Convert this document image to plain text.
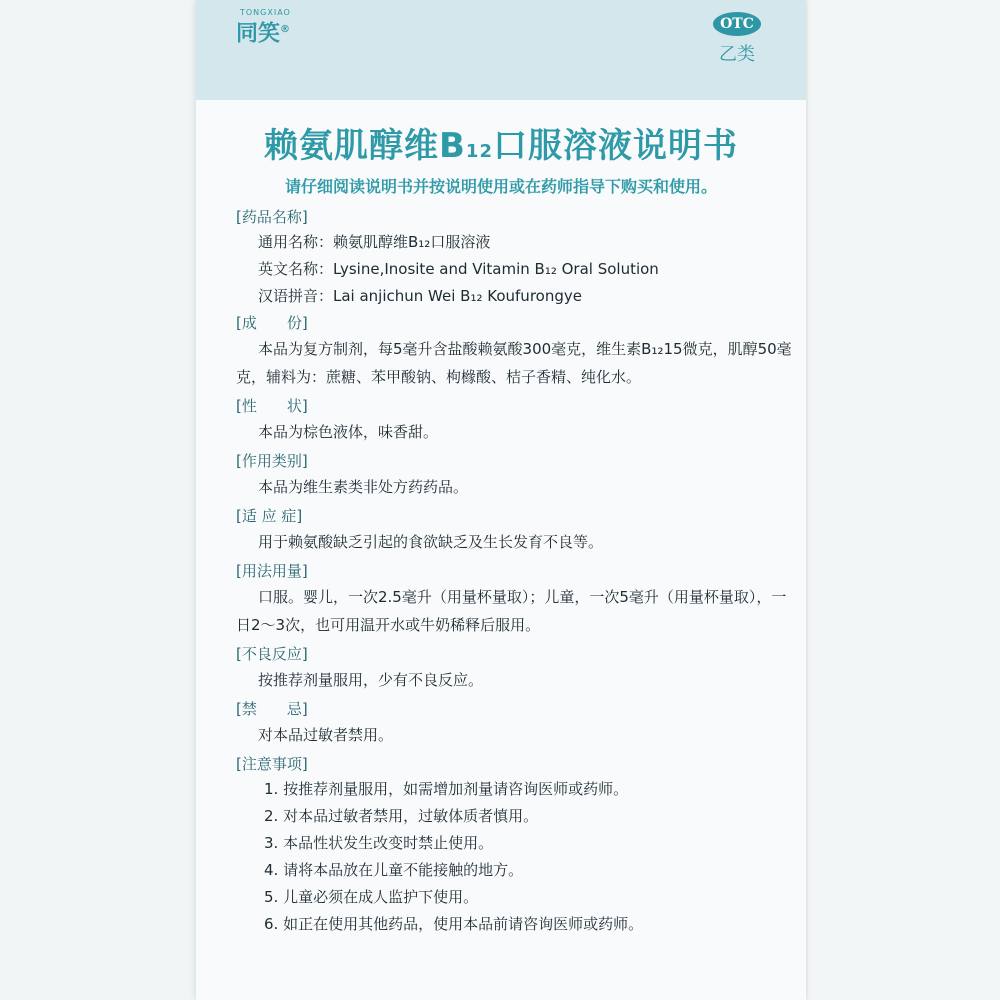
TONGXIAO
同笑®	OTC
乙类
赖氨肌醇维B12口服溶液说明书
请仔细阅读说明书并按说明使用或在药师指导下购买和使用。
[药品名称]
通用名称：赖氨肌醇维B₁₂口服溶液
英文名称：Lysine,Inosite and Vitamin B₁₂ Oral Solution
汉语拼音：Lai anjichun Wei B₁₂ Koufurongye
[成　　份]

本品为复方制剂，每5毫升含盐酸赖氨酸300毫克，维生素B₁₂15微克，肌醇50毫克，辅料为：蔗糖、苯甲酸钠、枸橼酸、桔子香精、纯化水。

[性　　状]

本品为棕色液体，味香甜。

[作用类别]

本品为维生素类非处方药药品。

[适 应 症]

用于赖氨酸缺乏引起的食欲缺乏及生长发育不良等。

[用法用量]

口服。婴儿，一次2.5毫升（用量杯量取）；儿童，一次5毫升（用量杯量取），一日2～3次，也可用温开水或牛奶稀释后服用。

[不良反应]

按推荐剂量服用，少有不良反应。

[禁　　忌]

对本品过敏者禁用。

[注意事项]
1. 按推荐剂量服用，如需增加剂量请咨询医师或药师。
2. 对本品过敏者禁用，过敏体质者慎用。
3. 本品性状发生改变时禁止使用。
4. 请将本品放在儿童不能接触的地方。
5. 儿童必须在成人监护下使用。
6. 如正在使用其他药品，使用本品前请咨询医师或药师。
